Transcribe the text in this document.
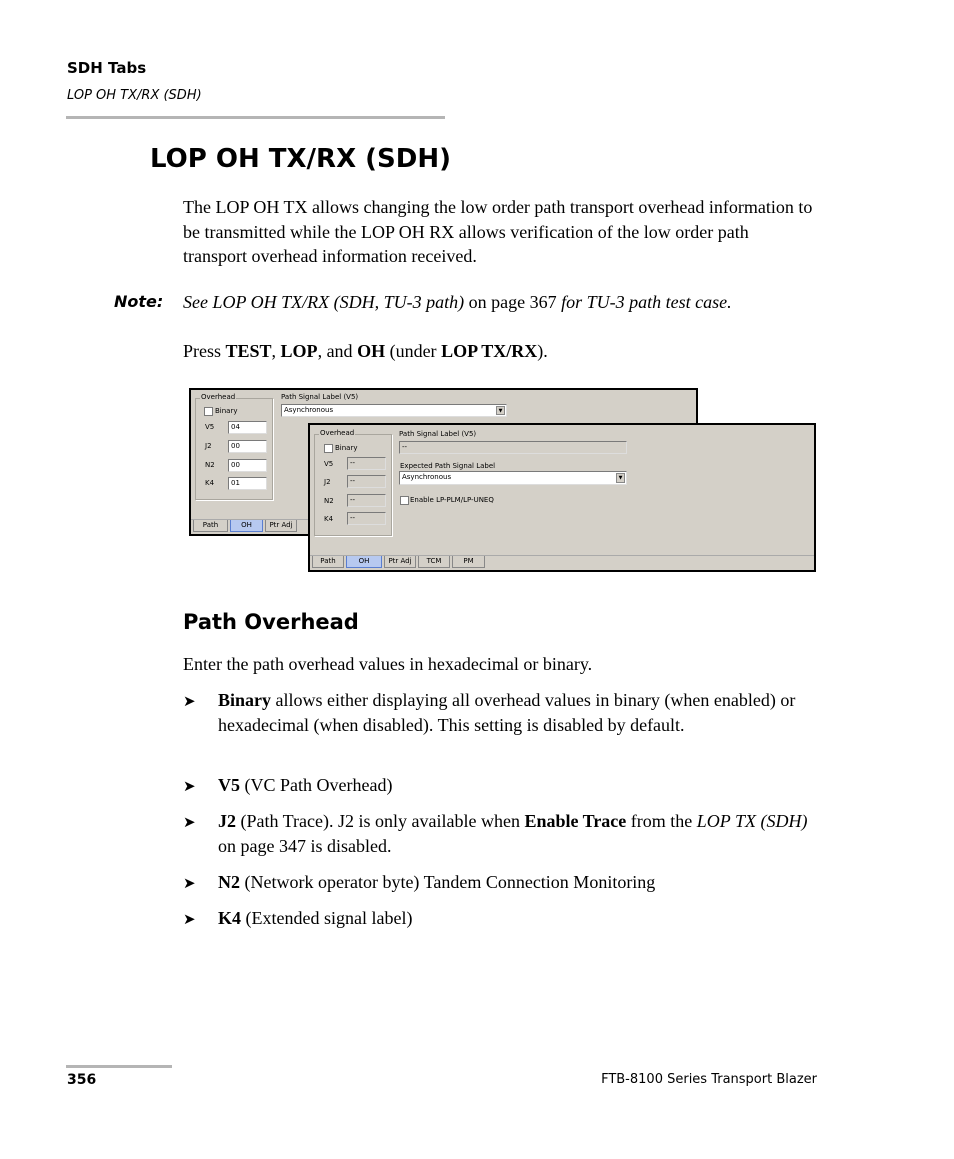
SDH Tabs
LOP OH TX/RX (SDH)
LOP OH TX/RX (SDH)
The LOP OH TX allows changing the low order path transport overhead information to be transmitted while the LOP OH RX allows verification of the low order path transport overhead information received.
Note: See LOP OH TX/RX (SDH, TU-3 path) on page 367 for TU-3 path test case.
Press TEST, LOP, and OH (under LOP TX/RX).
Overhead
Binary
V5	04
J2	00
N2	00
K4	01
Path Signal Label (V5)
Asynchronous	▼
Path	OH	Ptr Adj
Overhead
Binary
V5	--
J2	--
N2	--
K4	--
Path Signal Label (V5)
--
Expected Path Signal Label
Asynchronous	▼
Enable LP-PLM/LP-UNEQ
Path	OH	Ptr Adj	TCM	PM
Path Overhead
Enter the path overhead values in hexadecimal or binary.
➤ Binary allows either displaying all overhead values in binary (when enabled) or hexadecimal (when disabled). This setting is disabled by default.
➤ V5 (VC Path Overhead)
➤ J2 (Path Trace). J2 is only available when Enable Trace from the LOP TX (SDH) on page 347 is disabled.
➤ N2 (Network operator byte) Tandem Connection Monitoring
➤ K4 (Extended signal label)
356	FTB-8100 Series Transport Blazer
